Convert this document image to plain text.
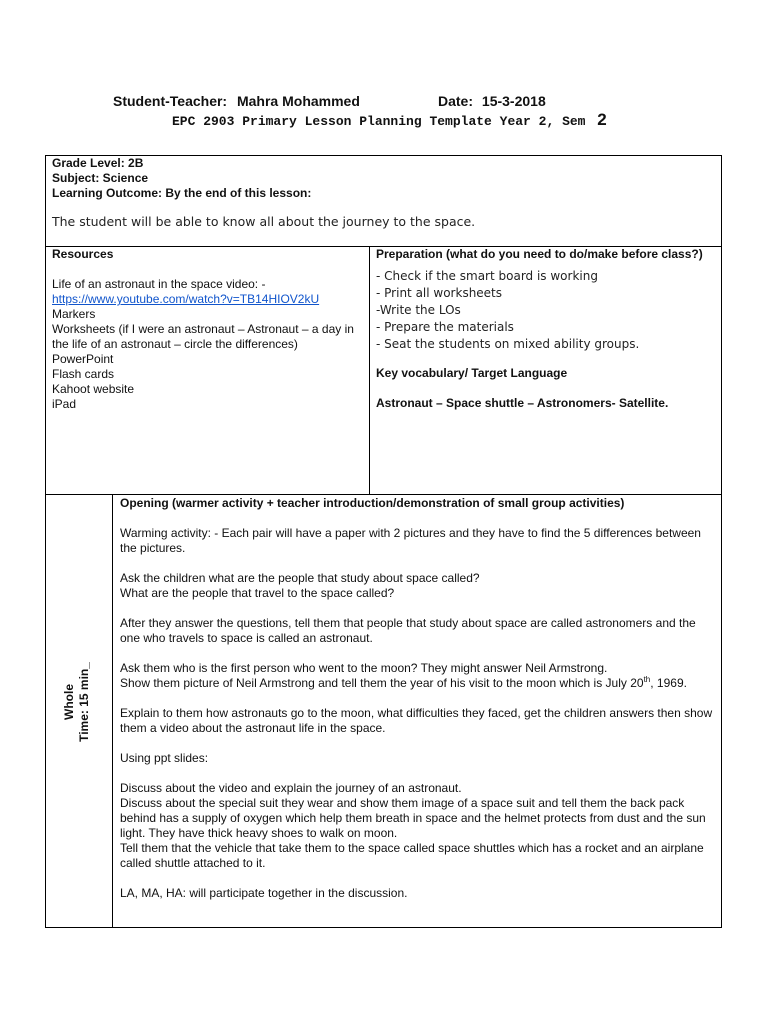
Student-Teacher: Mahra Mohammed	Date: 15-3-2018
EPC 2903 Primary Lesson Planning Template Year 2, Sem 2

Grade Level: 2B

Subject: Science

Learning Outcome: By the end of this lesson:

The student will be able to know all about the journey to the space.

Resources

Life of an astronaut in the space video: -

https://www.youtube.com/watch?v=TB14HIOV2kU

Markers

Worksheets (if I were an astronaut – Astronaut – a day in the life of an astronaut – circle the differences)

PowerPoint

Flash cards

Kahoot website

iPad

Preparation (what do you need to do/make before class?)

- Check if the smart board is working

- Print all worksheets

-Write the LOs

- Prepare the materials

- Seat the students on mixed ability groups.

Key vocabulary/ Target Language

Astronaut – Space shuttle – Astronomers- Satellite.

Whole Time: 15 min_

Opening (warmer activity + teacher introduction/demonstration of small group activities)

Warming activity: - Each pair will have a paper with 2 pictures and they have to find the 5 differences between the pictures.

Ask the children what are the people that study about space called?

What are the people that travel to the space called?

After they answer the questions, tell them that people that study about space are called astronomers and the one who travels to space is called an astronaut.

Ask them who is the first person who went to the moon? They might answer Neil Armstrong.

Show them picture of Neil Armstrong and tell them the year of his visit to the moon which is July 20th, 1969.

Explain to them how astronauts go to the moon, what difficulties they faced, get the children answers then show them a video about the astronaut life in the space.

Using ppt slides:

Discuss about the video and explain the journey of an astronaut.

Discuss about the special suit they wear and show them image of a space suit and tell them the back pack behind has a supply of oxygen which help them breath in space and the helmet protects from dust and the sun light. They have thick heavy shoes to walk on moon.

Tell them that the vehicle that take them to the space called space shuttles which has a rocket and an airplane called shuttle attached to it.

LA, MA, HA: will participate together in the discussion.
